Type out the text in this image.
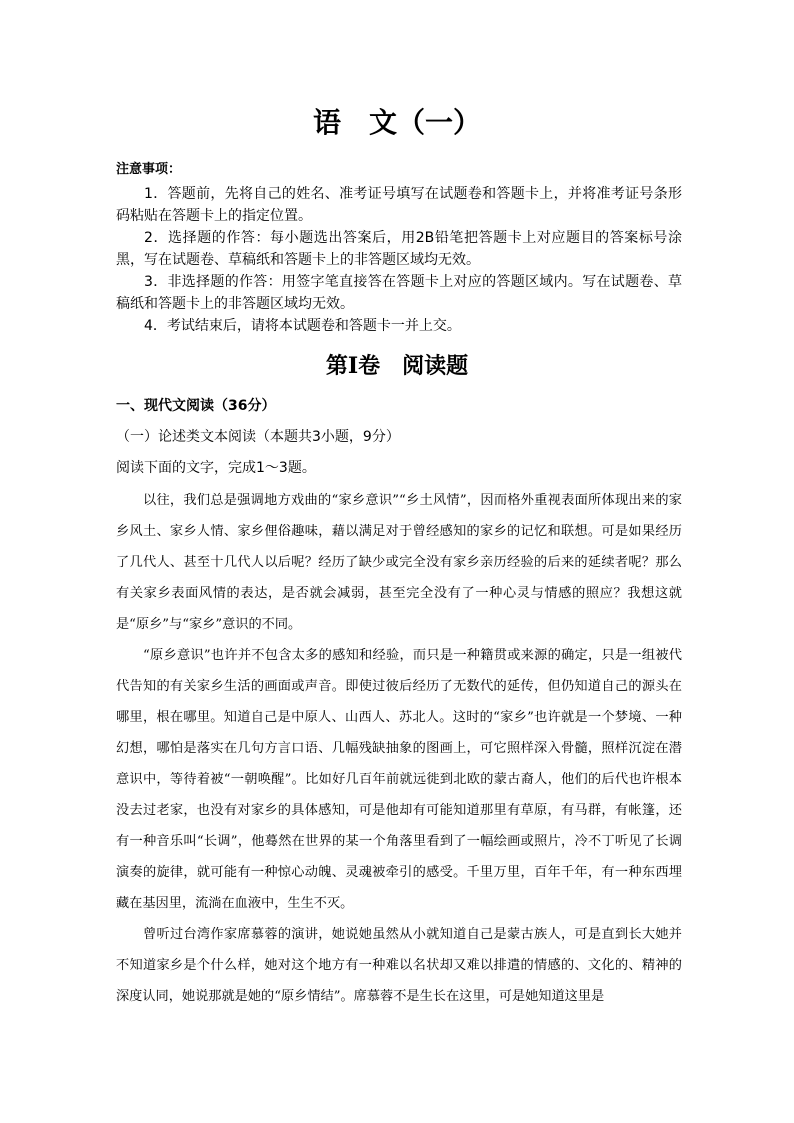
语　文（一）
注意事项：
1．答题前，先将自己的姓名、准考证号填写在试题卷和答题卡上，并将准考证号条形码粘贴在答题卡上的指定位置。
2．选择题的作答：每小题选出答案后，用2B铅笔把答题卡上对应题目的答案标号涂黑，写在试题卷、草稿纸和答题卡上的非答题区域均无效。
3．非选择题的作答：用签字笔直接答在答题卡上对应的答题区域内。写在试题卷、草稿纸和答题卡上的非答题区域均无效。
4．考试结束后，请将本试题卷和答题卡一并上交。
第Ⅰ卷　阅读题
一、现代文阅读（36分）
（一）论述类文本阅读（本题共3小题，9分）
阅读下面的文字，完成1～3题。

以往，我们总是强调地方戏曲的“家乡意识”“乡土风情”，因而格外重视表面所体现出来的家乡风土、家乡人情、家乡俚俗趣味，藉以满足对于曾经感知的家乡的记忆和联想。可是如果经历了几代人、甚至十几代人以后呢？经历了缺少或完全没有家乡亲历经验的后来的延续者呢？那么有关家乡表面风情的表达，是否就会减弱，甚至完全没有了一种心灵与情感的照应？我想这就是“原乡”与“家乡”意识的不同。

“原乡意识”也许并不包含太多的感知和经验，而只是一种籍贯或来源的确定，只是一组被代代告知的有关家乡生活的画面或声音。即使过彼后经历了无数代的延传，但仍知道自己的源头在哪里，根在哪里。知道自己是中原人、山西人、苏北人。这时的“家乡”也许就是一个梦境、一种幻想，哪怕是落实在几句方言口语、几幅残缺抽象的图画上，可它照样深入骨髓，照样沉淀在潜意识中，等待着被“一朝唤醒”。比如好几百年前就远徙到北欧的蒙古裔人，他们的后代也许根本没去过老家，也没有对家乡的具体感知，可是他却有可能知道那里有草原，有马群，有帐篷，还有一种音乐叫“长调”，他蓦然在世界的某一个角落里看到了一幅绘画或照片，冷不丁听见了长调演奏的旋律，就可能有一种惊心动魄、灵魂被牵引的感受。千里万里，百年千年，有一种东西埋藏在基因里，流淌在血液中，生生不灭。

曾听过台湾作家席慕蓉的演讲，她说她虽然从小就知道自己是蒙古族人，可是直到长大她并不知道家乡是个什么样，她对这个地方有一种难以名状却又难以排遣的情感的、文化的、精神的深度认同，她说那就是她的“原乡情结”。席慕蓉不是生长在这里，可是她知道这里是
